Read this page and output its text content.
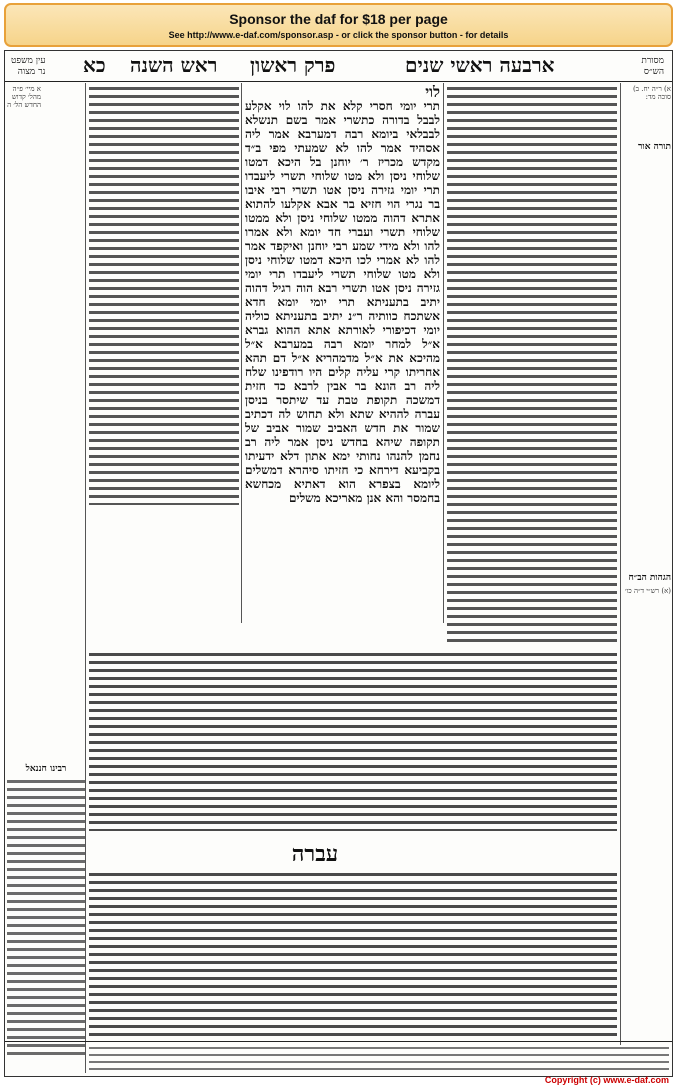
Sponsor the daf for $18 per page
See http://www.e-daf.com/sponsor.asp - or click the sponsor button - for details
עין משפט
נר מצוה כא ראש השנה פרק ראשון	ארבעה ראשי שנים	מסורת
הש״ס
א מיי׳ פ״ה מהל׳ קדוש החדש הל׳ ה
רבינו חננאל
לוי
תרי יומי חסרי קלא את להו לוי אקלע לבבל בדורה כתשרי אמר בשם תנשלא לבבלאי ביומא רבה דמערבא אמר ליה אסהיד אמר להו לא שמעתי מפי ב״ד מקדש מכריז ר׳ יוחנן בל היכא דמטו שלוחי ניסן ולא מטו שלוחי תשרי ליעבדו תרי יומי גזירה ניסן אטו תשרי רבי איבו בר נגרי הוי חזיא בר אבא אקלעו להתוא אתרא דהוה ממטו שלוחי ניסן ולא ממטו שלוחי תשרי ועברי חד יומא ולא אמרו להו ולא מידי שמע רבי יוחנן ואיקפד אמר להו לא אמרי לכו היכא דמטו שלוחי ניסן ולא מטו שלוחי תשרי ליעבדו תרי יומי גזירה ניסן אטו תשרי רבא הוה רגיל דהוה יתיב בתעניתא תרי יומי יומא חדא אשתכח כוותיה ר״נ יתיב בתעניתא כוליה יומי דכיפורי לאורתא אתא ההוא גברא א״ל למחר יומא רבה במערבא א״ל מהיכא את א״ל מדמהריא א״ל דם תהא אחריתו קרי עליה קלים היו רודפינו שלח ליה רב הונא בר אבין לרבא כד חזית דמשכה תקופת טבת עד שיתסר בניסן עברה לההיא שתא ולא תחוש לה דכתיב שמור את חדש האביב שמור אביב של תקופה שיהא בחדש ניסן אמר ליה רב נחמן להנהו נחותי ימא אתון דלא ידעיתו בקביעא דירחא כי חזיתו סיהרא דמשלים ליומא בצפרא הוא דאתיא מכחשא בחמסר והא אנן מאריכא משלים
א) ר״ה יח. ב) סוכה מד:
תורה אור
הגהות הב״ח
(א) רש״י ד״ה כו׳
עברה
Copyright (c) www.e-daf.com
